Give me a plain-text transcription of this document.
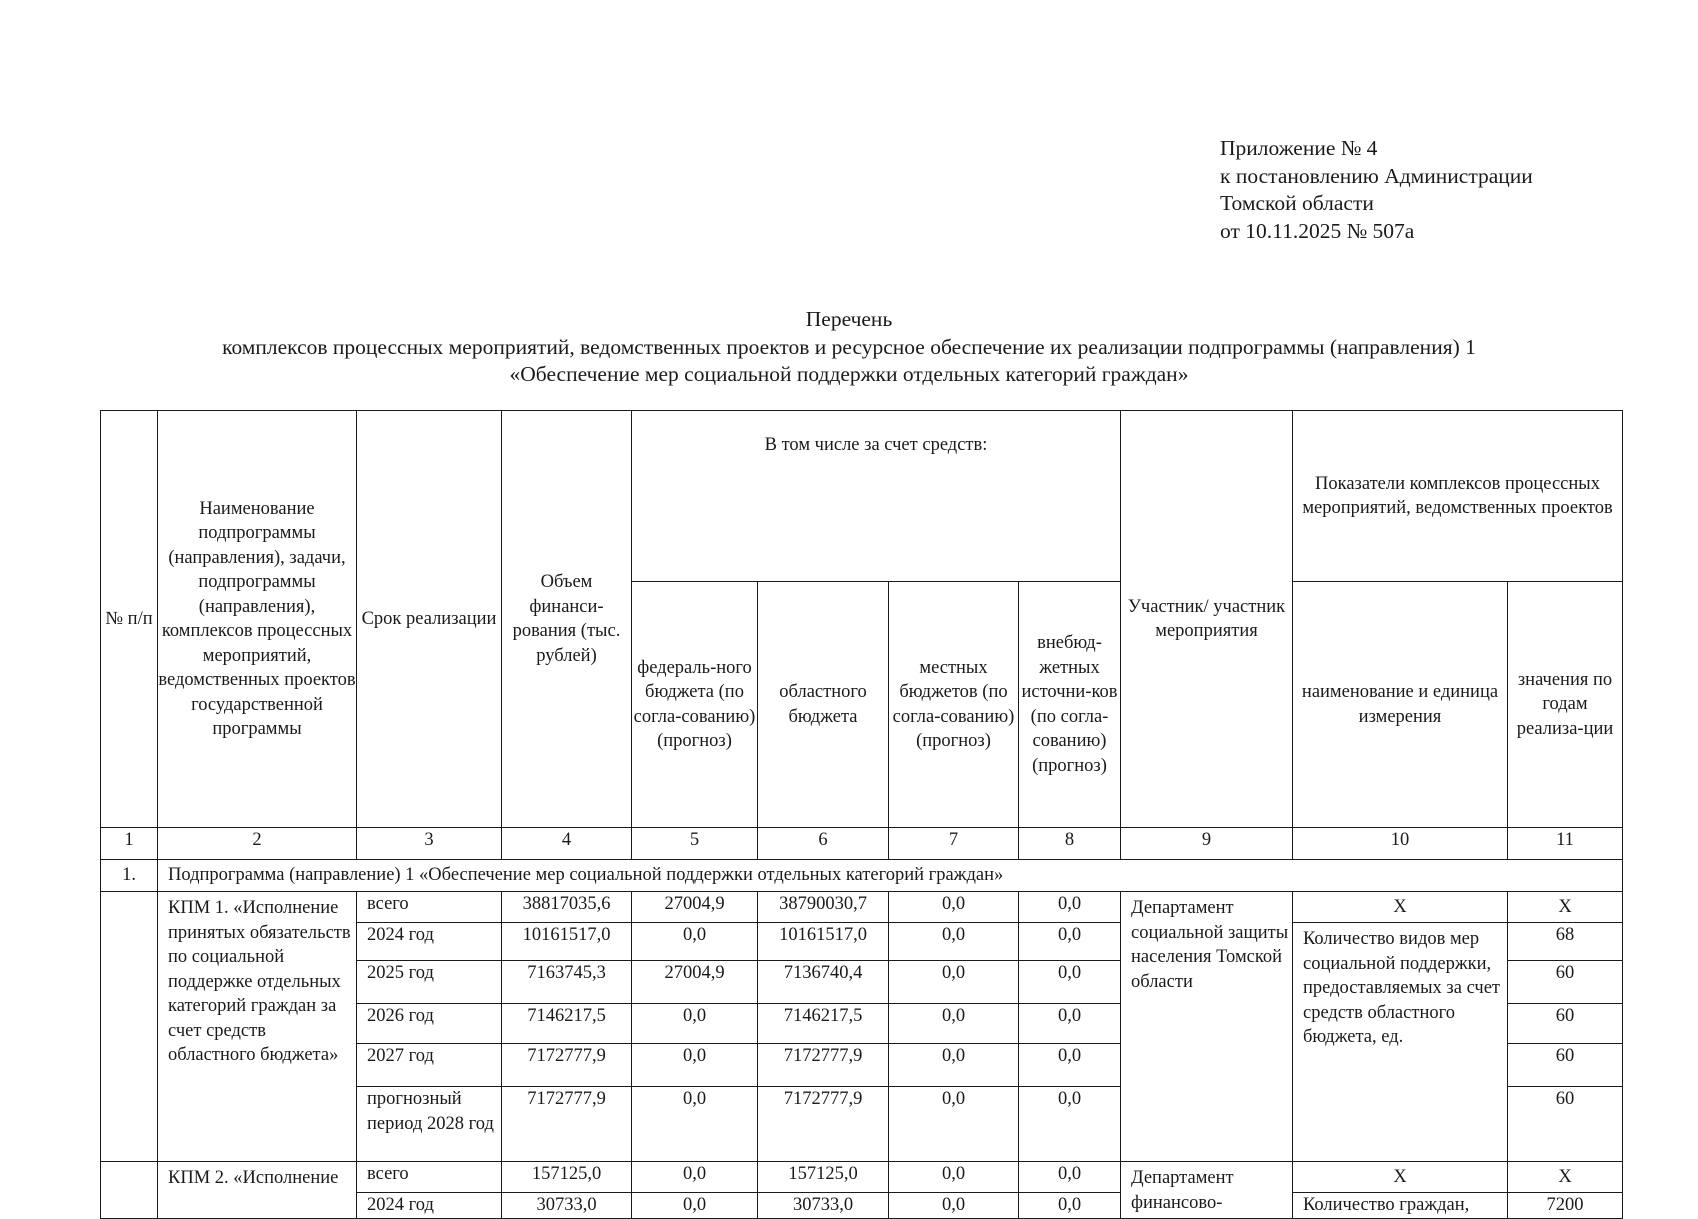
Приложение № 4
к постановлению Администрации
Томской области
от 10.11.2025 № 507а
Перечень
комплексов процессных мероприятий, ведомственных проектов и ресурсное обеспечение их реализации подпрограммы (направления) 1
«Обеспечение мер социальной поддержки отдельных категорий граждан»
№ п/п	Наименование подпрограммы (направления), задачи, подпрограммы (направления), комплексов процессных мероприятий, ведомственных проектов государственной программы	Срок реализации	Объем финанси-рования (тыс. рублей)	В том числе за счет средств:				Участник/ участник мероприятия	Показатели комплексов процессных мероприятий, ведомственных проектов	
				федераль-ного бюджета (по согла-сованию) (прогноз)	областного бюджета	местных бюджетов (по согла-сованию) (прогноз)	внебюд-жетных источни-ков (по согла-сованию) (прогноз)		наименование и единица измерения	значения по годам реализа-ции
1	2	3	4	5	6	7	8	9	10	11
1.	Подпрограмма (направление) 1 «Обеспечение мер социальной поддержки отдельных категорий граждан»									
	КПМ 1. «Исполнение принятых обязательств по социальной поддержке отдельных категорий граждан за счет средств областного бюджета»	всего	38817035,6	27004,9	38790030,7	0,0	0,0	Департамент социальной защиты населения Томской области	Х	Х
		2024 год	10161517,0	0,0	10161517,0	0,0	0,0		Количество видов мер социальной поддержки, предоставляемых за счет средств областного бюджета, ед.	68
		2025 год	7163745,3	27004,9	7136740,4	0,0	0,0			60
		2026 год	7146217,5	0,0	7146217,5	0,0	0,0			60
		2027 год	7172777,9	0,0	7172777,9	0,0	0,0			60
		прогнозный период 2028 год	7172777,9	0,0	7172777,9	0,0	0,0			60
	КПМ 2. «Исполнение	всего	157125,0	0,0	157125,0	0,0	0,0	Департамент финансово-	Х	Х
		2024 год	30733,0	0,0	30733,0	0,0	0,0		Количество граждан,	7200
